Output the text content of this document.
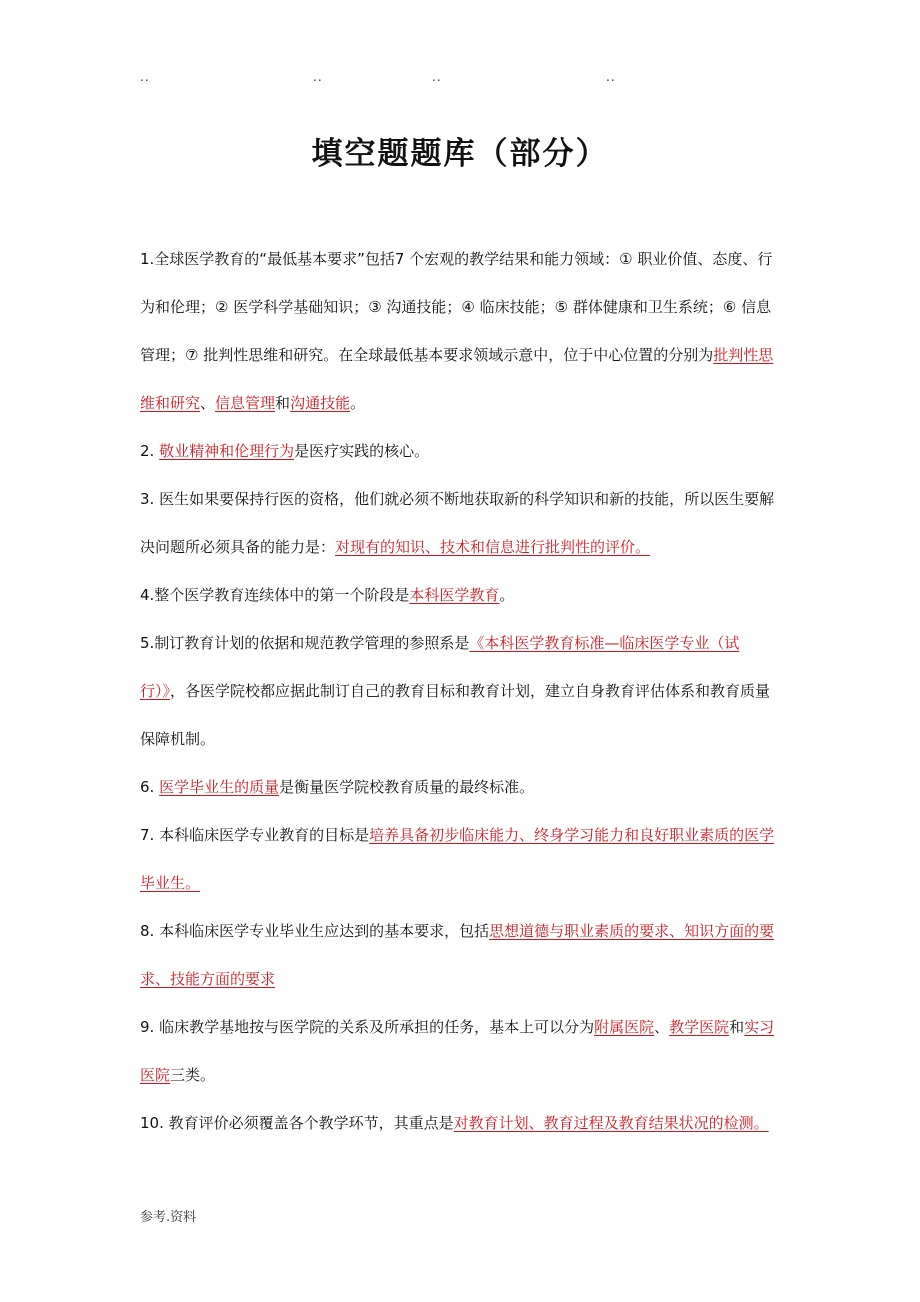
..	..	..	..
填空题题库（部分）

1.全球医学教育的“最低基本要求”包括7 个宏观的教学结果和能力领域：① 职业价值、态度、行为和伦理；② 医学科学基础知识；③ 沟通技能；④ 临床技能；⑤ 群体健康和卫生系统；⑥ 信息管理；⑦ 批判性思维和研究。在全球最低基本要求领域示意中，位于中心位置的分别为批判性思维和研究、信息管理和沟通技能。

2. 敬业精神和伦理行为是医疗实践的核心。

3. 医生如果要保持行医的资格，他们就必须不断地获取新的科学知识和新的技能，所以医生要解决问题所必须具备的能力是：对现有的知识、技术和信息进行批判性的评价。

4.整个医学教育连续体中的第一个阶段是本科医学教育。

5.制订教育计划的依据和规范教学管理的参照系是《本科医学教育标准—临床医学专业（试行）》，各医学院校都应据此制订自己的教育目标和教育计划，建立自身教育评估体系和教育质量保障机制。

6. 医学毕业生的质量是衡量医学院校教育质量的最终标准。

7. 本科临床医学专业教育的目标是培养具备初步临床能力、终身学习能力和良好职业素质的医学毕业生。

8. 本科临床医学专业毕业生应达到的基本要求，包括思想道德与职业素质的要求、知识方面的要求、技能方面的要求

9. 临床教学基地按与医学院的关系及所承担的任务，基本上可以分为附属医院、教学医院和实习医院三类。

10. 教育评价必须覆盖各个教学环节，其重点是对教育计划、教育过程及教育结果状况的检测。

参考.资料
